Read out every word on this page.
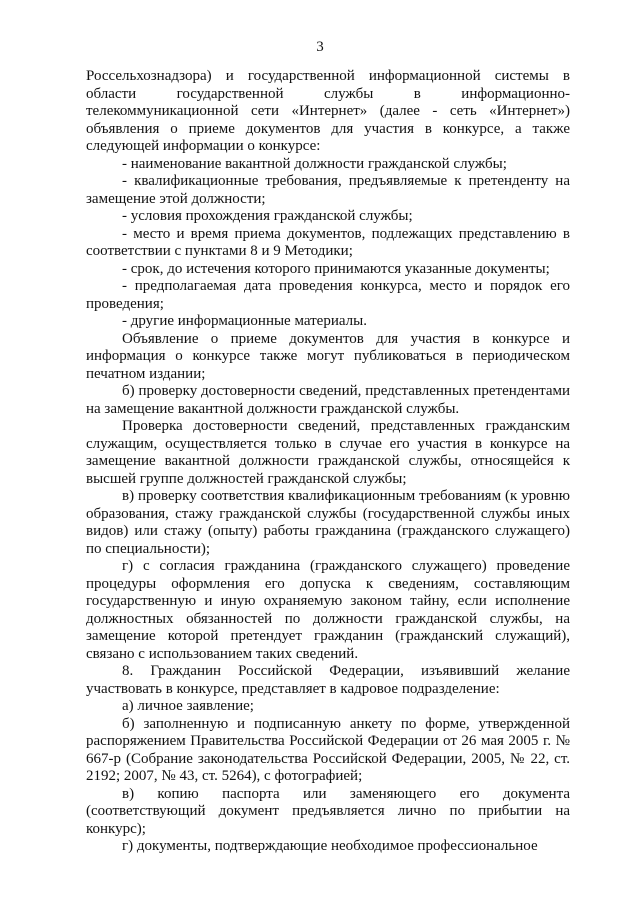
3

Россельхознадзора) и государственной информационной системы в области государственной службы в информационно-телекоммуникационной сети «Интернет» (далее - сеть «Интернет») объявления о приеме документов для участия в конкурсе, а также следующей информации о конкурсе:

- наименование вакантной должности гражданской службы;

- квалификационные требования, предъявляемые к претенденту на замещение этой должности;

- условия прохождения гражданской службы;

- место и время приема документов, подлежащих представлению в соответствии с пунктами 8 и 9 Методики;

- срок, до истечения которого принимаются указанные документы;

- предполагаемая дата проведения конкурса, место и порядок его проведения;

- другие информационные материалы.

Объявление о приеме документов для участия в конкурсе и информация о конкурсе также могут публиковаться в периодическом печатном издании;

б) проверку достоверности сведений, представленных претендентами на замещение вакантной должности гражданской службы.

Проверка достоверности сведений, представленных гражданским служащим, осуществляется только в случае его участия в конкурсе на замещение вакантной должности гражданской службы, относящейся к высшей группе должностей гражданской службы;

в) проверку соответствия квалификационным требованиям (к уровню образования, стажу гражданской службы (государственной службы иных видов) или стажу (опыту) работы гражданина (гражданского служащего) по специальности);

г) с согласия гражданина (гражданского служащего) проведение процедуры оформления его допуска к сведениям, составляющим государственную и иную охраняемую законом тайну, если исполнение должностных обязанностей по должности гражданской службы, на замещение которой претендует гражданин (гражданский служащий), связано с использованием таких сведений.

8. Гражданин Российской Федерации, изъявивший желание участвовать в конкурсе, представляет в кадровое подразделение:

а) личное заявление;

б) заполненную и подписанную анкету по форме, утвержденной распоряжением Правительства Российской Федерации от 26 мая 2005 г. № 667-р (Собрание законодательства Российской Федерации, 2005, № 22, ст. 2192; 2007, № 43, ст. 5264), с фотографией;

в) копию паспорта или заменяющего его документа (соответствующий документ предъявляется лично по прибытии на конкурс);

г) документы, подтверждающие необходимое профессиональное
